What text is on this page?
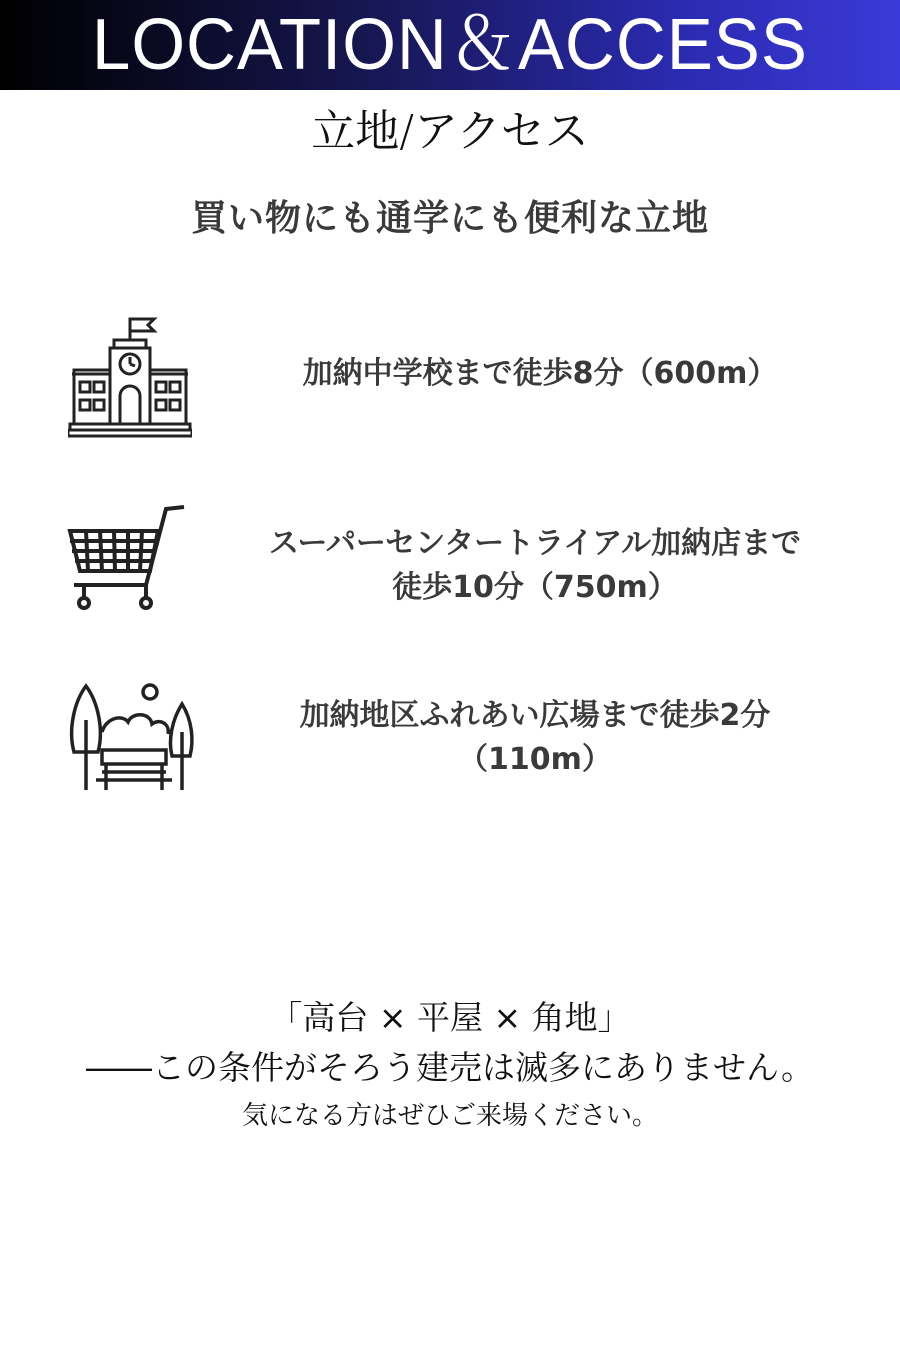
LOCATION＆ACCESS
立地/アクセス
買い物にも通学にも便利な立地
加納中学校まで徒歩8分（600m）
スーパーセンタートライアル加納店まで
徒歩10分（750m）
加納地区ふれあい広場まで徒歩2分
（110m）
「高台 × 平屋 × 角地」
――この条件がそろう建売は滅多にありません。
気になる方はぜひご来場ください。
